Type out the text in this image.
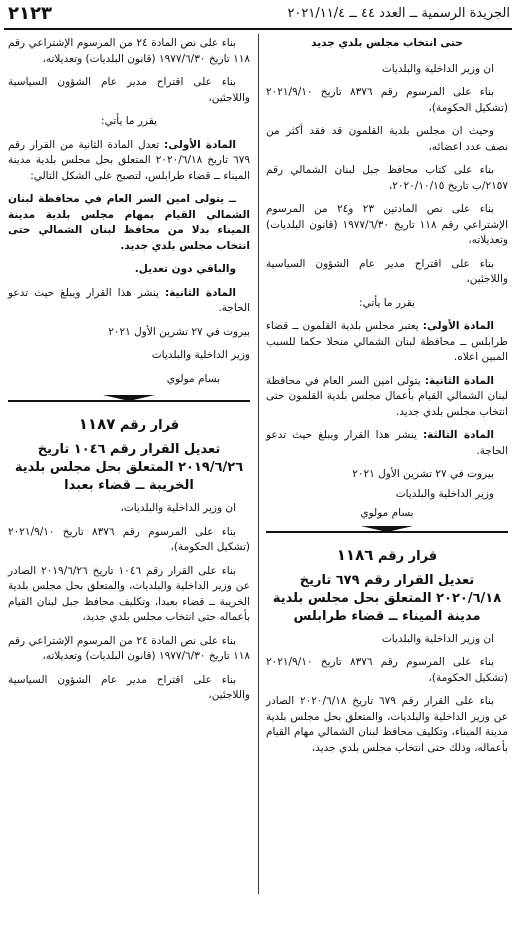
الجريدة الرسمية ــ العدد ٤٤ ــ ٢٠٢١/١١/٤
٢١٢٣

حتى انتخاب مجلس بلدي جديد

ان وزير الداخلية والبلديات

بناء على المرسوم رقم ٨٣٧٦ تاريخ ٢٠٢١/٩/١٠ (تشكيل الحكومة)،

وحيث ان مجلس بلدية القلمون قد فقد أكثر من نصف عدد اعضائه،

بناء على كتاب محافظ جبل لبنان الشمالي رقم ٢١٥٧/ب تاريخ ٢٠٢٠/١٠/١٥،

بناء على نص المادتين ٢٣ و٢٤ من المرسوم الإشتراعي رقم ١١٨ تاريخ ١٩٧٧/٦/٣٠ (قانون البلديات) وتعديلاته،

بناء على اقتراح مدير عام الشؤون السياسية واللاجئين،

يقرر ما يأتي:

المادة الأولى: يعتبر مجلس بلدية القلمون ــ قضاء طرابلس ــ محافظة لبنان الشمالي منحلا حكما للسبب المبين اعلاه.

المادة الثانية: يتولى امين السر العام في محافظة لبنان الشمالي القيام بأعمال مجلس بلدية القلمون حتى انتخاب مجلس بلدي جديد.

المادة الثالثة: ينشر هذا القرار ويبلغ حيث تدعو الحاجة.

بيروت في ٢٧ تشرين الأول ٢٠٢١

وزير الداخلية والبلديات

بسام مولوي

قرار رقم ١١٨٦

تعديل القرار رقم ٦٧٩ تاريخ ٢٠٢٠/٦/١٨ المتعلق بحل مجلس بلدية مدينة الميناء ــ قضاء طرابلس

ان وزير الداخلية والبلديات

بناء على المرسوم رقم ٨٣٧٦ تاريخ ٢٠٢١/٩/١٠ (تشكيل الحكومة)،

بناء على القرار رقم ٦٧٩ تاريخ ٢٠٢٠/٦/١٨ الصادر عن وزير الداخلية والبلديات، والمتعلق بحل مجلس بلدية مدينة الميناء، وتكليف محافظ لبنان الشمالي مهام القيام بأعماله، وذلك حتى انتخاب مجلس بلدي جديد،

بناء على نص المادة ٢٤ من المرسوم الإشتراعي رقم ١١٨ تاريخ ١٩٧٧/٦/٣٠ (قانون البلديات) وتعديلاته،

بناء على اقتراح مدير عام الشؤون السياسية واللاجئين،

يقرر ما يأتي:

المادة الأولى: تعدل المادة الثانية من القرار رقم ٦٧٩ تاريخ ٢٠٢٠/٦/١٨ المتعلق بحل مجلس بلدية مدينة الميناء ــ قضاء طرابلس، لتصبح على الشكل التالي:

ــ يتولى امين السر العام في محافظة لبنان الشمالي القيام بمهام مجلس بلدية مدينة الميناء بدلا من محافظ لبنان الشمالي حتى انتخاب مجلس بلدي جديد.

والباقي دون تعديل.

المادة الثانية: ينشر هذا القرار ويبلغ حيث تدعو الحاجة.

بيروت في ٢٧ تشرين الأول ٢٠٢١

وزير الداخلية والبلديات

بسام مولوي

قرار رقم ١١٨٧

تعديل القرار رقم ١٠٤٦ تاريخ ٢٠١٩/٦/٢٦ المتعلق بحل مجلس بلدية الخريبة ــ قضاء بعبدا

ان وزير الداخلية والبلديات،

بناء على المرسوم رقم ٨٣٧٦ تاريخ ٢٠٢١/٩/١٠ (تشكيل الحكومة)،

بناء على القرار رقم ١٠٤٦ تاريخ ٢٠١٩/٦/٢٦ الصادر عن وزير الداخلية والبلديات، والمتعلق بحل مجلس بلدية الخريبة ــ قضاء بعبدا، وتكليف محافظ جبل لبنان القيام بأعماله حتى انتخاب مجلس بلدي جديد،

بناء على نص المادة ٢٤ من المرسوم الإشتراعي رقم ١١٨ تاريخ ١٩٧٧/٦/٣٠ (قانون البلديات) وتعديلاته،

بناء على اقتراح مدير عام الشؤون السياسية واللاجئين،
